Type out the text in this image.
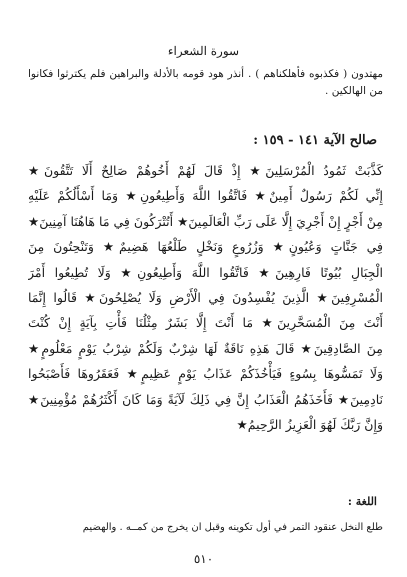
سورة الشعراء
مهتدون ( فكذبوه فأهلكناهم ) . أنذر هود قومه بالأدلة والبراهين فلم يكترثوا فكانوا من الهالكين .
صالح الآية ١٤١ - ١٥٩ :
كَذَّبَتْ ثَمُودُ الْمُرْسَلِينَ★ إِذْ قَالَ لَهُمْ أَخُوهُمْ صَالِحٌ أَلَا تَتَّقُونَ★
إِنِّي لَكُمْ رَسُولٌ أَمِينٌ★ فَاتَّقُوا اللَّهَ وَأَطِيعُونِ★ وَمَا أَسْأَلُكُمْ عَلَيْهِ
مِنْ أَجْرٍ إِنْ أَجْرِيَ إِلَّا عَلَى رَبِّ الْعَالَمِينَ★ أَتُتْرَكُونَ فِي مَا هَاهُنَا آمِنِينَ★
فِي جَنَّاتٍ وَعُيُونٍ★ وَزُرُوعٍ وَنَخْلٍ طَلْعُهَا هَضِيمٌ★ وَتَنْحِتُونَ مِنَ
الْجِبَالِ بُيُوتًا فَارِهِينَ★ فَاتَّقُوا اللَّهَ وَأَطِيعُونِ★ وَلَا تُطِيعُوا أَمْرَ
الْمُسْرِفِينَ★ الَّذِينَ يُفْسِدُونَ فِي الْأَرْضِ وَلَا يُصْلِحُونَ★ قَالُوا إِنَّمَا
أَنْتَ مِنَ الْمُسَحَّرِينَ★ مَا أَنْتَ إِلَّا بَشَرٌ مِثْلُنَا فَأْتِ بِآيَةٍ إِنْ كُنْتَ
مِنَ الصَّادِقِينَ★ قَالَ هَذِهِ نَاقَةٌ لَهَا شِرْبٌ وَلَكُمْ شِرْبُ يَوْمٍ مَعْلُومٍ★
وَلَا تَمَسُّوهَا بِسُوءٍ فَيَأْخُذَكُمْ عَذَابُ يَوْمٍ عَظِيمٍ★ فَعَقَرُوهَا فَأَصْبَحُوا
نَادِمِينَ★ فَأَخَذَهُمُ الْعَذَابُ إِنَّ فِي ذَلِكَ لَآيَةً وَمَا كَانَ أَكْثَرُهُمْ مُؤْمِنِينَ★
وَإِنَّ رَبَّكَ لَهُوَ الْعَزِيزُ الرَّحِيمُ★
اللغة :
طلع النخل عنقود التمر في أول تكوينه وقبل ان يخرج من كمــه . والهضيم
٥١٠
